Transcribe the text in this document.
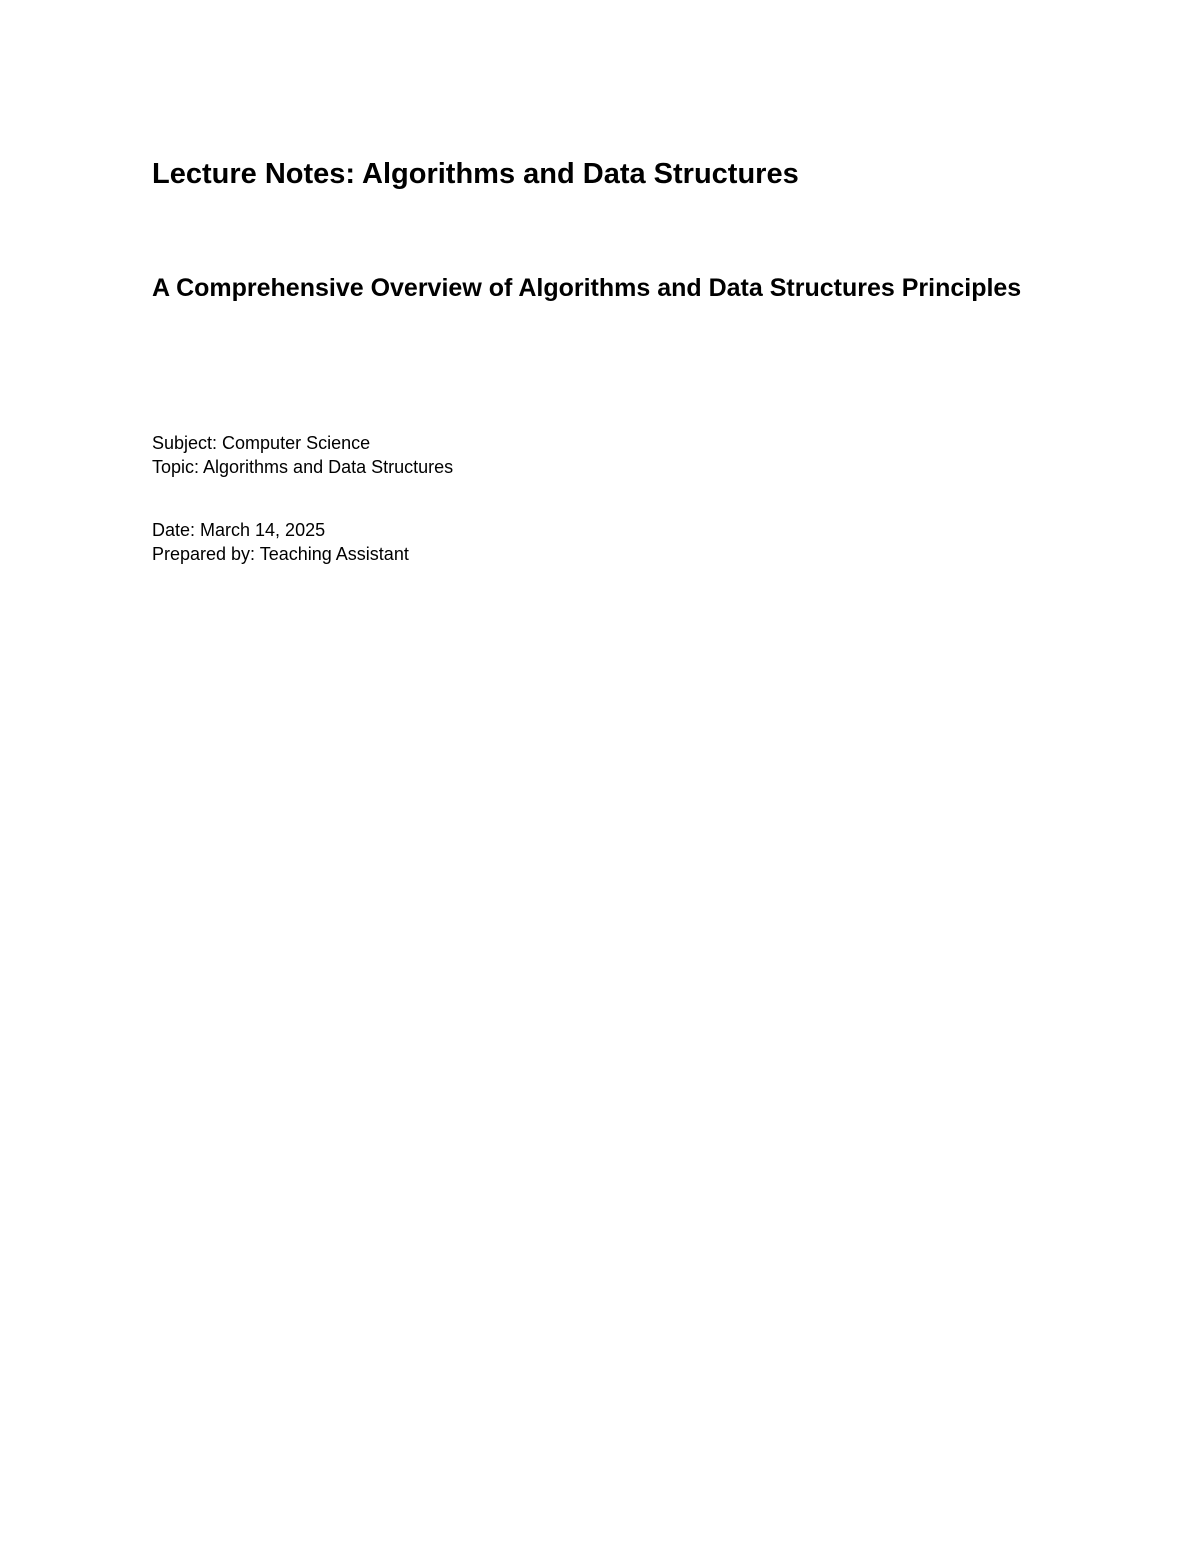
Lecture Notes: Algorithms and Data Structures
A Comprehensive Overview of Algorithms and Data Structures Principles

Subject: Computer Science

Topic: Algorithms and Data Structures

Date: March 14, 2025

Prepared by: Teaching Assistant
